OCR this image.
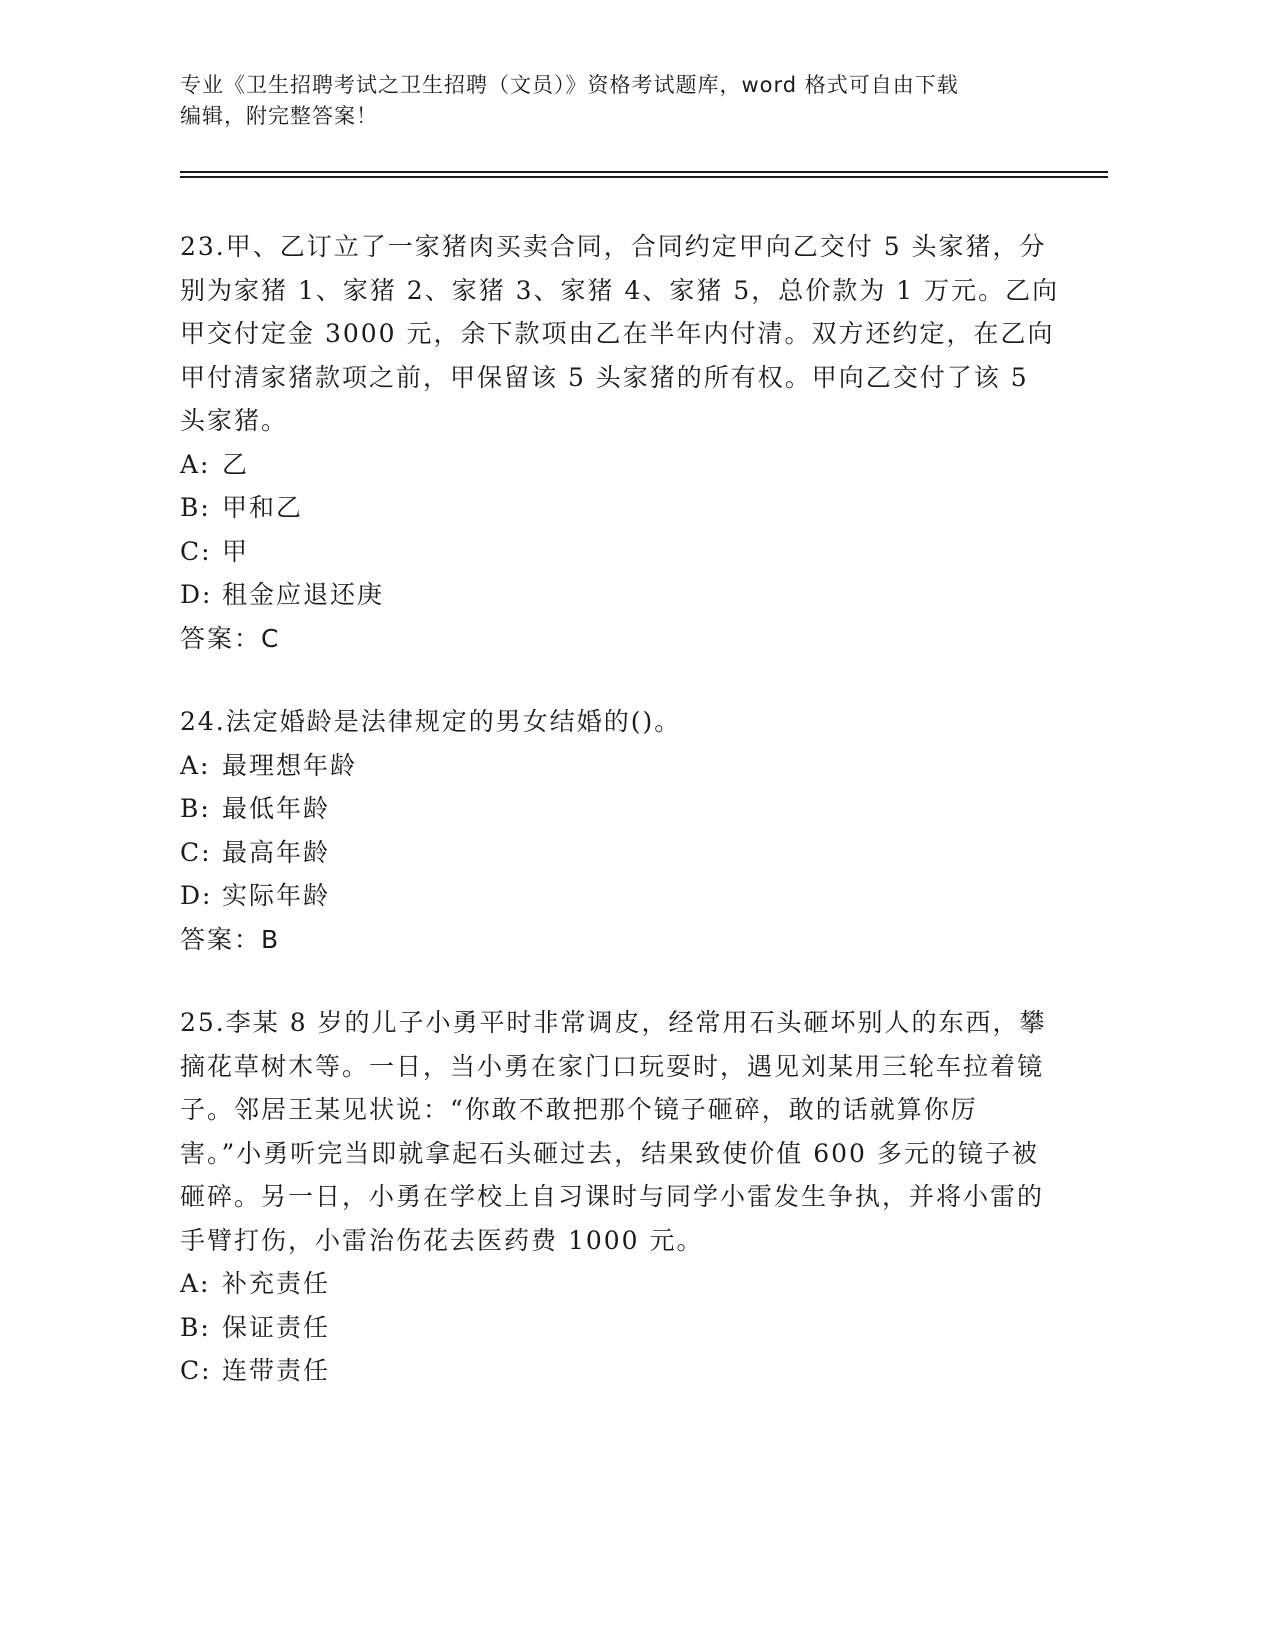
专业《卫生招聘考试之卫生招聘（文员）》资格考试题库，word 格式可自由下载
编辑，附完整答案！
23.甲、乙订立了一家猪肉买卖合同，合同约定甲向乙交付 5 头家猪，分别为家猪 1、家猪 2、家猪 3、家猪 4、家猪 5，总价款为 1 万元。乙向甲交付定金 3000 元，余下款项由乙在半年内付清。双方还约定，在乙向甲付清家猪款项之前，甲保留该 5 头家猪的所有权。甲向乙交付了该 5 头家猪。
A: 乙
B: 甲和乙
C: 甲
D: 租金应退还庚
答案：C
24.法定婚龄是法律规定的男女结婚的()。
A: 最理想年龄
B: 最低年龄
C: 最高年龄
D: 实际年龄
答案：B
25.李某 8 岁的儿子小勇平时非常调皮，经常用石头砸坏别人的东西，攀摘花草树木等。一日，当小勇在家门口玩耍时，遇见刘某用三轮车拉着镜子。邻居王某见状说：“你敢不敢把那个镜子砸碎，敢的话就算你厉害。”小勇听完当即就拿起石头砸过去，结果致使价值 600 多元的镜子被砸碎。另一日，小勇在学校上自习课时与同学小雷发生争执，并将小雷的手臂打伤，小雷治伤花去医药费 1000 元。
A: 补充责任
B: 保证责任
C: 连带责任
